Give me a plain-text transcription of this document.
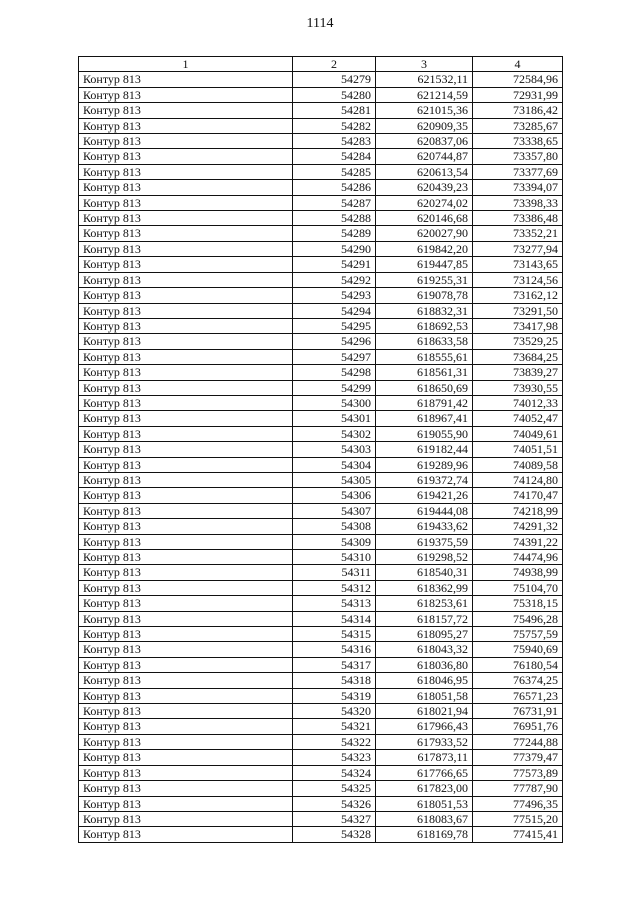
1114
1	2	3	4
Контур 813	54279	621532,11	72584,96
Контур 813	54280	621214,59	72931,99
Контур 813	54281	621015,36	73186,42
Контур 813	54282	620909,35	73285,67
Контур 813	54283	620837,06	73338,65
Контур 813	54284	620744,87	73357,80
Контур 813	54285	620613,54	73377,69
Контур 813	54286	620439,23	73394,07
Контур 813	54287	620274,02	73398,33
Контур 813	54288	620146,68	73386,48
Контур 813	54289	620027,90	73352,21
Контур 813	54290	619842,20	73277,94
Контур 813	54291	619447,85	73143,65
Контур 813	54292	619255,31	73124,56
Контур 813	54293	619078,78	73162,12
Контур 813	54294	618832,31	73291,50
Контур 813	54295	618692,53	73417,98
Контур 813	54296	618633,58	73529,25
Контур 813	54297	618555,61	73684,25
Контур 813	54298	618561,31	73839,27
Контур 813	54299	618650,69	73930,55
Контур 813	54300	618791,42	74012,33
Контур 813	54301	618967,41	74052,47
Контур 813	54302	619055,90	74049,61
Контур 813	54303	619182,44	74051,51
Контур 813	54304	619289,96	74089,58
Контур 813	54305	619372,74	74124,80
Контур 813	54306	619421,26	74170,47
Контур 813	54307	619444,08	74218,99
Контур 813	54308	619433,62	74291,32
Контур 813	54309	619375,59	74391,22
Контур 813	54310	619298,52	74474,96
Контур 813	54311	618540,31	74938,99
Контур 813	54312	618362,99	75104,70
Контур 813	54313	618253,61	75318,15
Контур 813	54314	618157,72	75496,28
Контур 813	54315	618095,27	75757,59
Контур 813	54316	618043,32	75940,69
Контур 813	54317	618036,80	76180,54
Контур 813	54318	618046,95	76374,25
Контур 813	54319	618051,58	76571,23
Контур 813	54320	618021,94	76731,91
Контур 813	54321	617966,43	76951,76
Контур 813	54322	617933,52	77244,88
Контур 813	54323	617873,11	77379,47
Контур 813	54324	617766,65	77573,89
Контур 813	54325	617823,00	77787,90
Контур 813	54326	618051,53	77496,35
Контур 813	54327	618083,67	77515,20
Контур 813	54328	618169,78	77415,41
